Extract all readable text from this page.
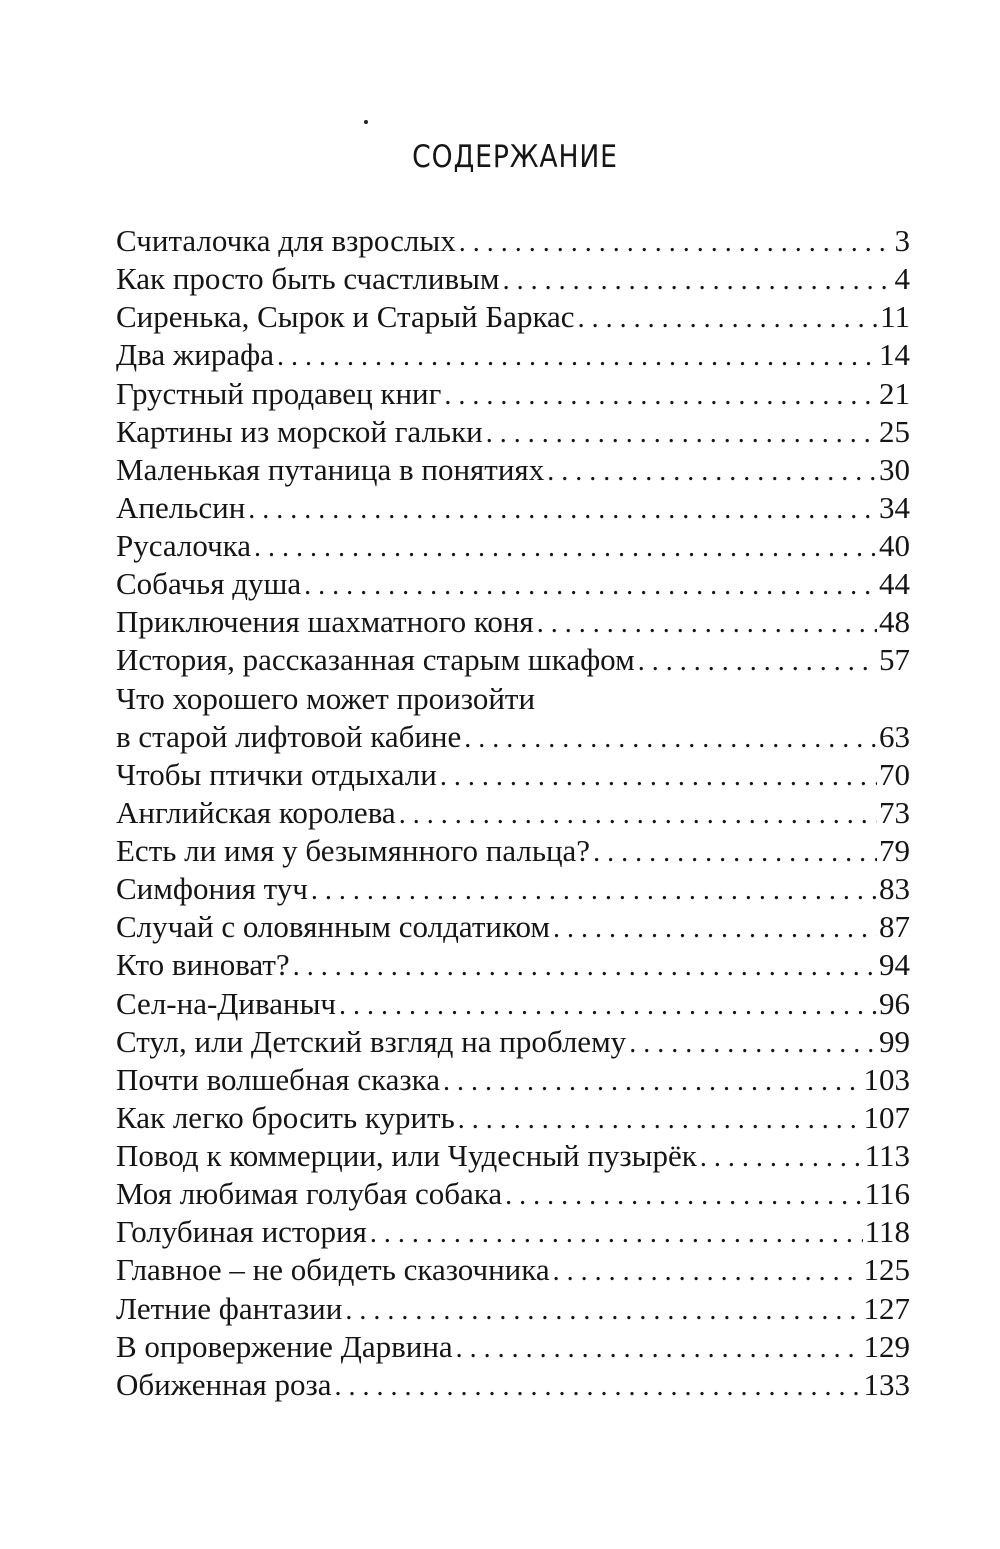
СОДЕРЖАНИЕ
Считалочка для взрослых . . .	3
Как просто быть счастливым . . .	4
Сиренька, Сырок и Старый Баркас . . .	11
Два жирафа . . .	14
Грустный продавец книг . . .	21
Картины из морской гальки . . .	25
Маленькая путаница в понятиях . . .	30
Апельсин . . .	34
Русалочка . . .	40
Собачья душа . . .	44
Приключения шахматного коня . . .	48
История, рассказанная старым шкафом . . .	57
Что хорошего может произойти
в старой лифтовой кабине . . .	63
Чтобы птички отдыхали . . .	70
Английская королева . . .	73
Есть ли имя у безымянного пальца? . . .	79
Симфония туч . . .	83
Случай с оловянным солдатиком . . .	87
Кто виноват? . . .	94
Сел-на-Диваныч . . .	96
Стул, или Детский взгляд на проблему . . .	99
Почти волшебная сказка . . .	103
Как легко бросить курить . . .	107
Повод к коммерции, или Чудесный пузырёк . . .	113
Моя любимая голубая собака . . .	116
Голубиная история . . .	118
Главное – не обидеть сказочника . . .	125
Летние фантазии . . .	127
В опровержение Дарвина . . .	129
Обиженная роза . . .	133
